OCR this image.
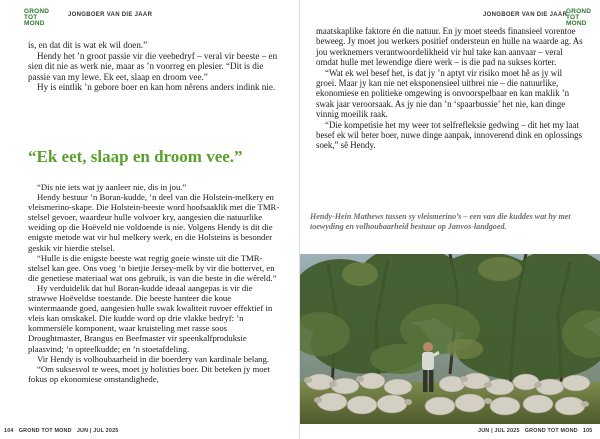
GROND
TOT
MOND
JONGBOER VAN DIE JAAR

is, en dat dit is wat ek wil doen.”

Hendy het ’n groot passie vir die veebedryf – veral vir beeste – en sien dit nie as werk nie, maar as ’n voorreg en plesier. “Dit is die passie van my lewe. Ek eet, slaap en droom vee.”

Hy is eintlik ’n gebore boer en kan hom nêrens anders indink nie.

“Ek eet, slaap en droom vee.”

“Dis nie iets wat jy aanleer nie, dis in jou.”

Hendy bestuur ’n Boran-kudde, ’n deel van die Holstein-melkery en vleismerino-skape. Die Holstein-beeste word hoofsaaklik met die TMR-stelsel gevoer, waardeur hulle volvoer kry, aangesien die natuurlike weiding op die Hoëveld nie voldoende is nie. Volgens Hendy is dit die enigste metode wat vir hul melkery werk, en die Holsteins is besonder geskik vir hierdie stelsel.

“Hulle is die enigste beeste wat regtig goeie winste uit die TMR-stelsel kan gee. Ons voeg ’n bietjie Jersey-melk by vir die bottervet, en die genetiese materiaal wat ons gebruik, is van die beste in die wêreld.”

Hy verduidelik dat hul Boran-kudde ideaal aangepas is vir die strawwe Hoëveldse toestande. Die beeste hanteer die koue wintermaande goed, aangesien hulle swak kwaliteit ruvoer effektief in vleis kan omskakel. Die kudde word op drie vlakke bedryf: ’n kommersiële komponent, waar kruisteling met rasse soos Droughtmaster, Brangus en Beefmaster vir speenkalfproduksie plaasvind; ’n opteelkudde; en ’n stoetafdeling.

Vir Hendy is volhoubaarheid in die boerdery van kardinale belang.

“Om suksesvol te wees, moet jy holisties boer. Dit beteken jy moet fokus op ekonomiese omstandighede,

104 GROND TOT MOND JUN | JUL 2025
JONGBOER VAN DIE JAAR
GROND
TOT
MOND

maatskaplike faktore én die natuur. En jy moet steeds finansieel vorentoe beweeg. Jy moet jou werkers positief ondersteun en hulle na waarde ag. As jou werknemers verantwoordelikheid vir hul take kan aanvaar – veral omdat hulle met lewendige diere werk – is die pad na sukses korter.

“Wat ek wel besef het, is dat jy ’n aptyt vir risiko moet hê as jy wil groei. Maar jy kan nie net eksponensieel uitbrei nie – die natuurlike, ekonomiese en politieke omgewing is onvoorspelbaar en kan maklik ’n swak jaar veroorsaak. As jy nie dan ’n ‘spaarbussie’ het nie, kan dinge vinnig moeilik raak.

“Die kompetisie het my weer tot selfrefleksie gedwing – dit het my laat besef ek wil beter boer, nuwe dinge aanpak, innoverend dink en oplossings soek,” sê Hendy.

JUN | JUL 2025 GROND TOT MOND 105
Hendy-Hein Mathews tussen sy vleismerino’s – een van die kuddes wat hy met toewyding en volhoubaarheid bestuur op Janvos-landgoed.
